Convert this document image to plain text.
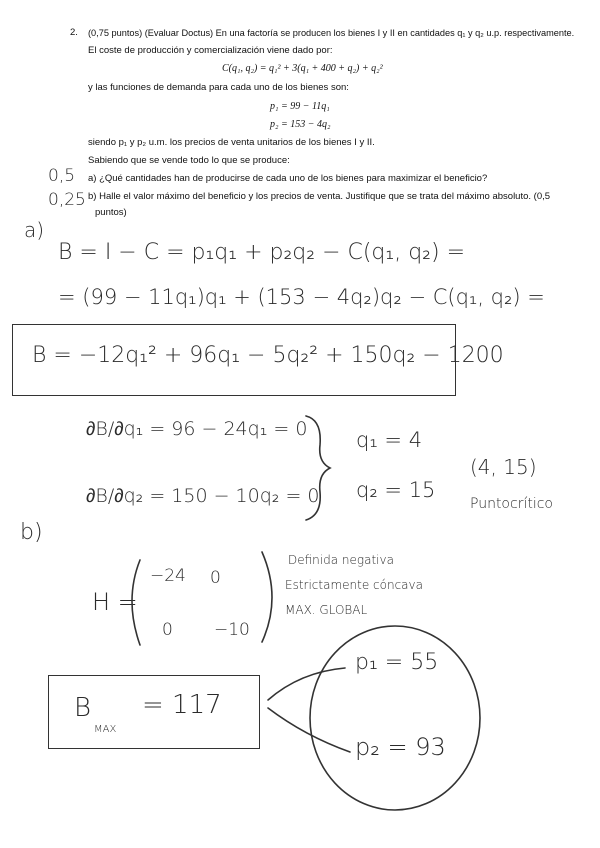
2. (0,75 puntos) (Evaluar Doctus) En una factoría se producen los bienes I y II en cantidades q₁ y q₂ u.p. respectivamente.
El coste de producción y comercialización viene dado por:
C(q₁, q₂) = q₁² + 3(q₁ + 400 + q₂) + q₂²
y las funciones de demanda para cada uno de los bienes son:
p₁ = 99 − 11q₁
p₂ = 153 − 4q₂
siendo p₁ y p₂ u.m. los precios de venta unitarios de los bienes I y II.
Sabiendo que se vende todo lo que se produce:
a) ¿Qué cantidades han de producirse de cada uno de los bienes para maximizar el beneficio?
b) Halle el valor máximo del beneficio y los precios de venta. Justifique que se trata del máximo absoluto. (0,5
puntos)
0,5
0,25
a)
B = I − C = p₁q₁ + p₂q₂ − C(q₁, q₂) =
= (99 − 11q₁)q₁ + (153 − 4q₂)q₂ − C(q₁, q₂) =
B = −12q₁² + 96q₁ − 5q₂² + 150q₂ − 1200
∂B/∂q₁ = 96 − 24q₁ = 0
∂B/∂q₂ = 150 − 10q₂ = 0
q₁ = 4
q₂ = 15
(4, 15)
Puntocrítico
b)
H =
−24 0
0 −10
Definida negativa
Estrictamente cóncava
MAX. GLOBAL
B
MAX
= 117
p₁ = 55
p₂ = 93
